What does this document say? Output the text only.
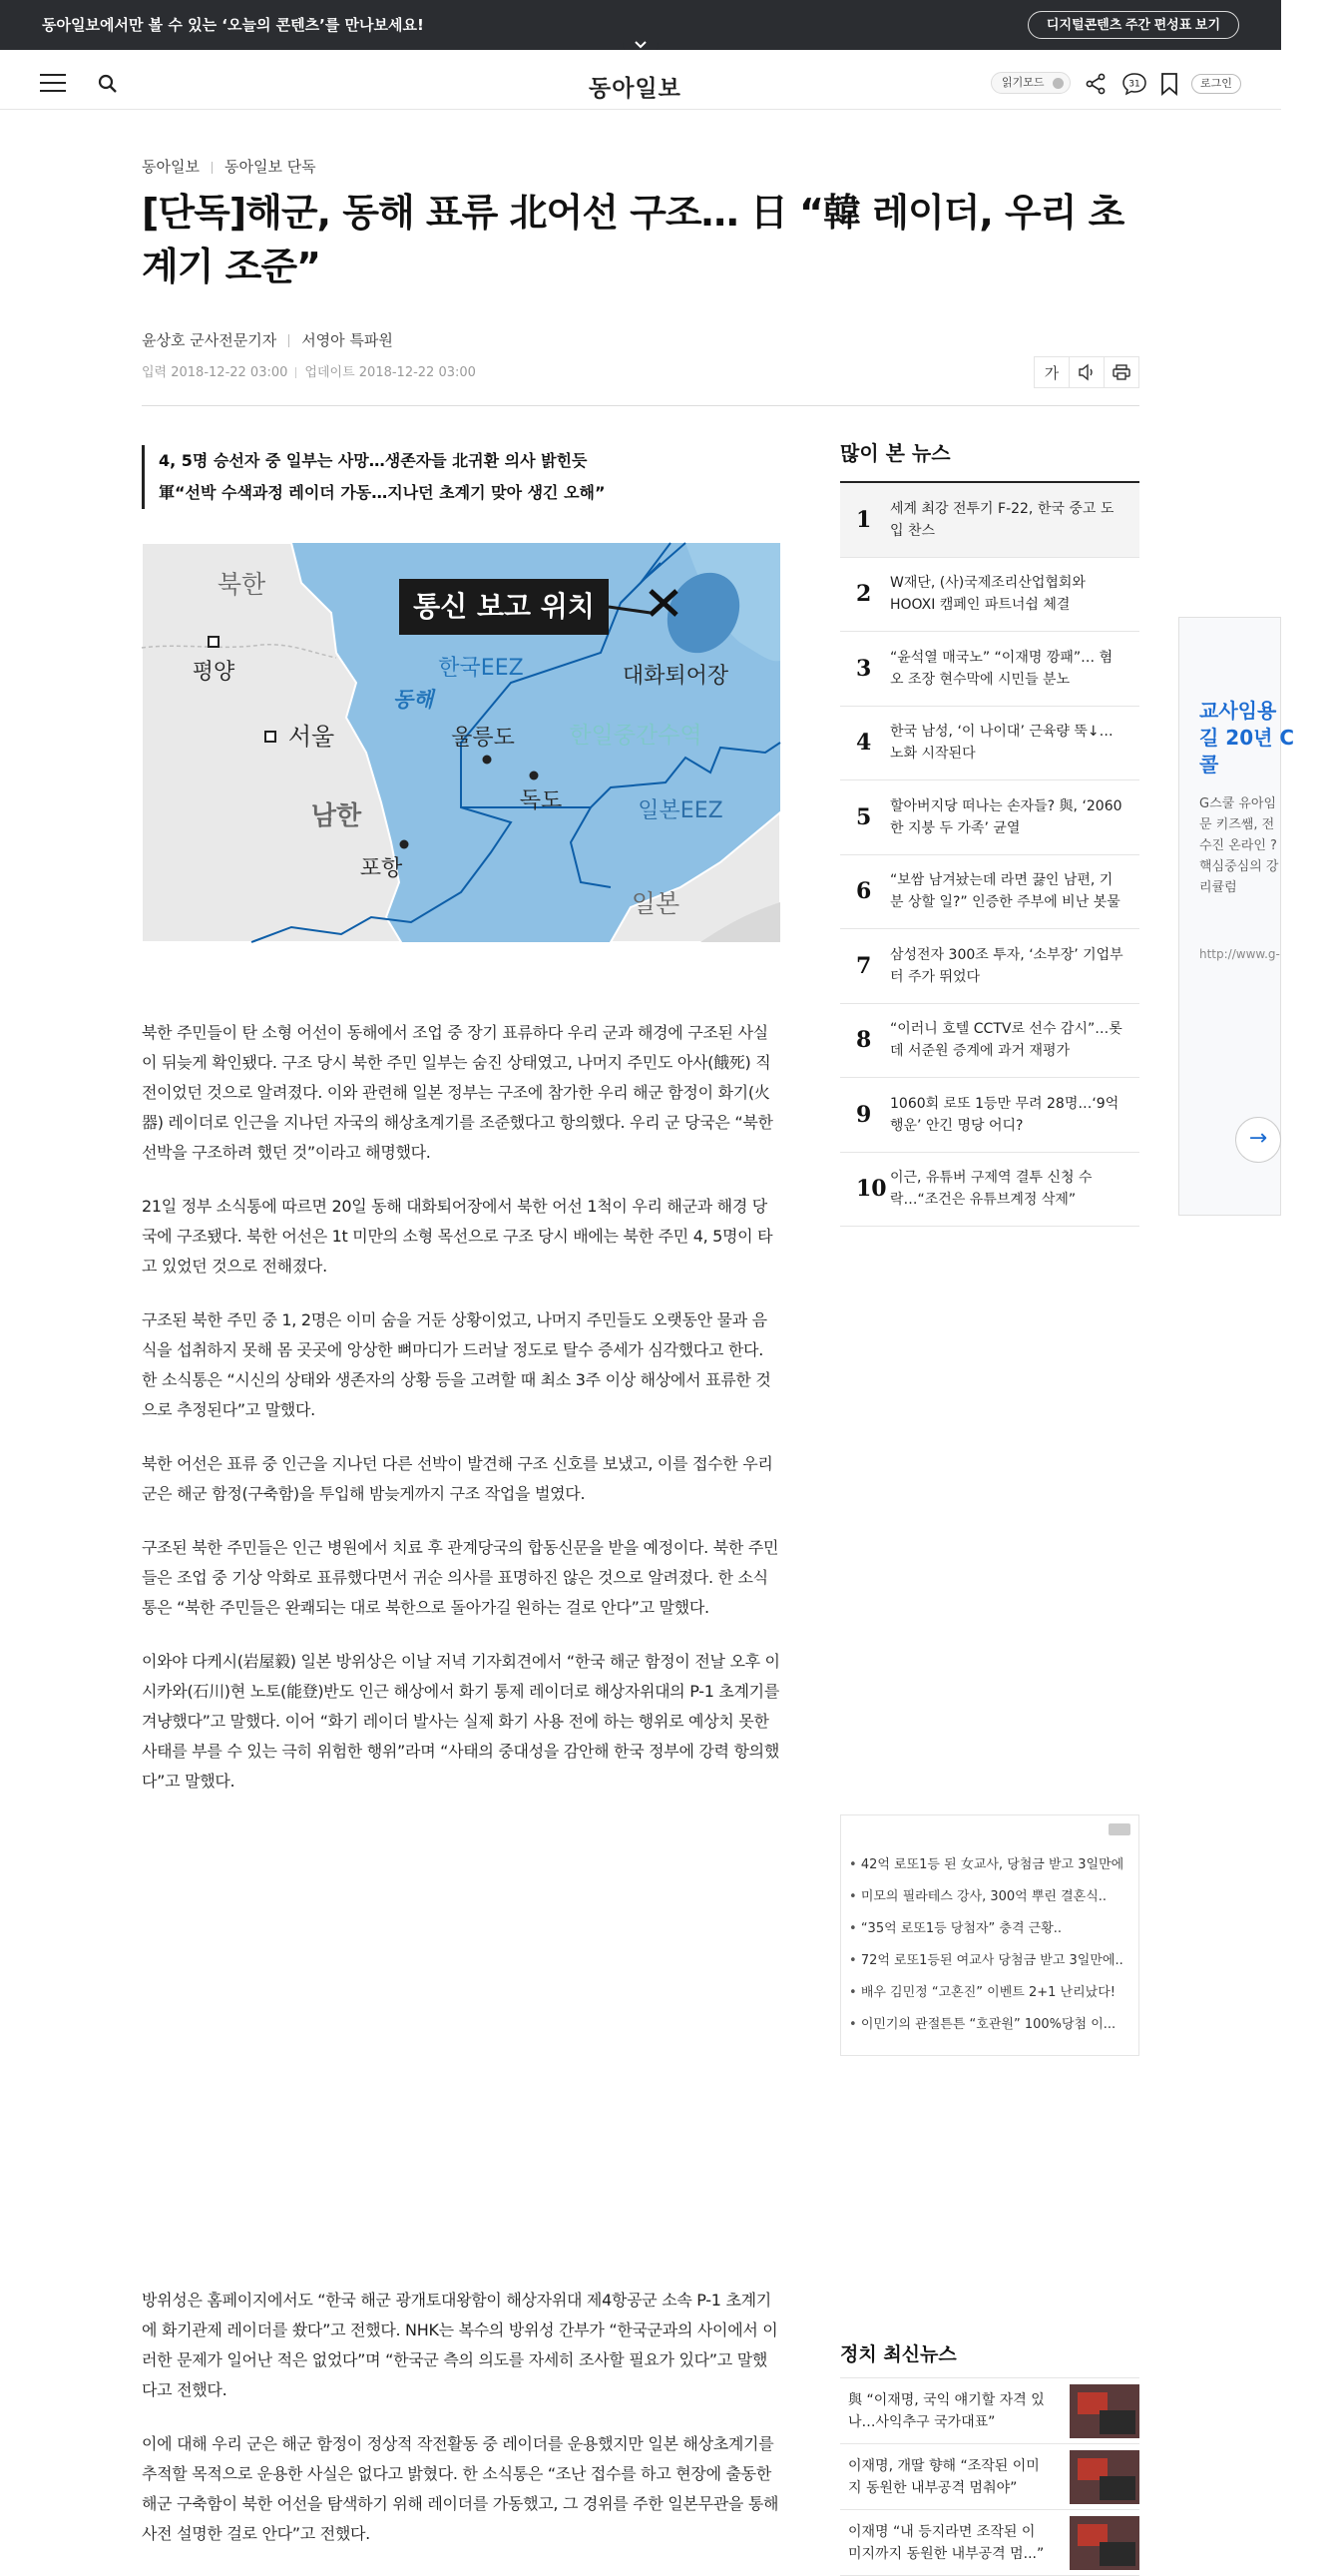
동아일보에서만 볼 수 있는 ‘오늘의 콘텐츠’를 만나보세요!	디지털콘텐츠 주간 편성표 보기
동아일보	읽기모드	31	로그인
동아일보 동아일보 단독
[단독]해군, 동해 표류 北어선 구조… 日 “韓 레이더, 우리 초계기 조준”
윤상호 군사전문기자 서영아 특파원
입력 2018-12-22 03:00 업데이트 2018-12-22 03:00	가
4, 5명 승선자 중 일부는 사망…생존자들 北귀환 의사 밝힌듯
軍“선박 수색과정 레이더 가동…지나던 초계기 맞아 생긴 오해”
통신 보고 위치
북한
평양
서울
남한
포항
한국EEZ
동해
울릉도
독도
한일중간수역
일본EEZ
대화퇴어장
일본

북한 주민들이 탄 소형 어선이 동해에서 조업 중 장기 표류하다 우리 군과 해경에 구조된 사실이 뒤늦게 확인됐다. 구조 당시 북한 주민 일부는 숨진 상태였고, 나머지 주민도 아사(餓死) 직전이었던 것으로 알려졌다. 이와 관련해 일본 정부는 구조에 참가한 우리 해군 함정이 화기(火器) 레이더로 인근을 지나던 자국의 해상초계기를 조준했다고 항의했다. 우리 군 당국은 “북한 선박을 구조하려 했던 것”이라고 해명했다.

21일 정부 소식통에 따르면 20일 동해 대화퇴어장에서 북한 어선 1척이 우리 해군과 해경 당국에 구조됐다. 북한 어선은 1t 미만의 소형 목선으로 구조 당시 배에는 북한 주민 4, 5명이 타고 있었던 것으로 전해졌다.

구조된 북한 주민 중 1, 2명은 이미 숨을 거둔 상황이었고, 나머지 주민들도 오랫동안 물과 음식을 섭취하지 못해 몸 곳곳에 앙상한 뼈마디가 드러날 정도로 탈수 증세가 심각했다고 한다. 한 소식통은 “시신의 상태와 생존자의 상황 등을 고려할 때 최소 3주 이상 해상에서 표류한 것으로 추정된다”고 말했다.

북한 어선은 표류 중 인근을 지나던 다른 선박이 발견해 구조 신호를 보냈고, 이를 접수한 우리 군은 해군 함정(구축함)을 투입해 밤늦게까지 구조 작업을 벌였다.

구조된 북한 주민들은 인근 병원에서 치료 후 관계당국의 합동신문을 받을 예정이다. 북한 주민들은 조업 중 기상 악화로 표류했다면서 귀순 의사를 표명하진 않은 것으로 알려졌다. 한 소식통은 “북한 주민들은 완쾌되는 대로 북한으로 돌아가길 원하는 걸로 안다”고 말했다.

이와야 다케시(岩屋毅) 일본 방위상은 이날 저녁 기자회견에서 “한국 해군 함정이 전날 오후 이시카와(石川)현 노토(能登)반도 인근 해상에서 화기 통제 레이더로 해상자위대의 P-1 초계기를 겨냥했다”고 말했다. 이어 “화기 레이더 발사는 실제 화기 사용 전에 하는 행위로 예상치 못한 사태를 부를 수 있는 극히 위험한 행위”라며 “사태의 중대성을 감안해 한국 정부에 강력 항의했다”고 말했다.

방위성은 홈페이지에서도 “한국 해군 광개토대왕함이 해상자위대 제4항공군 소속 P-1 초계기에 화기관제 레이더를 쐈다”고 전했다. NHK는 복수의 방위성 간부가 “한국군과의 사이에서 이러한 문제가 일어난 적은 없었다”며 “한국군 측의 의도를 자세히 조사할 필요가 있다”고 말했다고 전했다.

이에 대해 우리 군은 해군 함정이 정상적 작전활동 중 레이더를 운용했지만 일본 해상초계기를 추적할 목적으로 운용한 사실은 없다고 밝혔다. 한 소식통은 “조난 접수를 하고 현장에 출동한 해군 구축함이 북한 어선을 탐색하기 위해 레이더를 가동했고, 그 경위를 주한 일본무관을 통해 사전 설명한 걸로 안다”고 전했다.

많이 본 뉴스
1	세계 최강 전투기 F-22, 한국 중고 도입 찬스
2	W재단, (사)국제조리산업협회와 HOOXI 캠페인 파트너쉽 체결
3	“윤석열 매국노” “이재명 깡패”… 혐오 조장 현수막에 시민들 분노
4	한국 남성, ‘이 나이대’ 근육량 뚝↓…노화 시작된다
5	할아버지당 떠나는 손자들? 與, ‘2060 한 지붕 두 가족’ 균열
6	“보쌈 남겨놨는데 라면 끓인 남편, 기분 상할 일?” 인증한 주부에 비난 봇물
7	삼성전자 300조 투자, ‘소부장’ 기업부터 주가 뛰었다
8	“이러니 호텔 CCTV로 선수 감시”…롯데 서준원 증계에 과거 재평가
9	1060회 로또 1등만 무려 28명…‘9억 행운’ 안긴 명당 어디?
10 이근, 유튜버 구제역 결투 신청 수락…“조건은 유튜브계정 삭제”
교사임용
길 20년 C
콜
G스쿨 유아임
문 키즈쌤, 전
수진 온라인 ?
핵심중심의 강
리큘럼
http://www.g-
→
• 42억 로또1등 된 女교사, 당첨금 받고 3일만에
• 미모의 필라테스 강사, 300억 뿌린 결혼식..
• “35억 로또1등 당첨자” 충격 근황..
• 72억 로또1등된 여교사 당첨금 받고 3일만에..
• 배우 김민정 “고혼진” 이벤트 2+1 난리났다!
• 이민기의 관절튼튼 “호관원” 100%당첨 이...
정치 최신뉴스
與 “이재명, 국익 얘기할 자격 있나…사익추구 국가대표”
이재명, 개딸 향해 “조작된 이미지 동원한 내부공격 멈춰야”
이재명 “내 등지라면 조작된 이미지까지 동원한 내부공격 멈...”
